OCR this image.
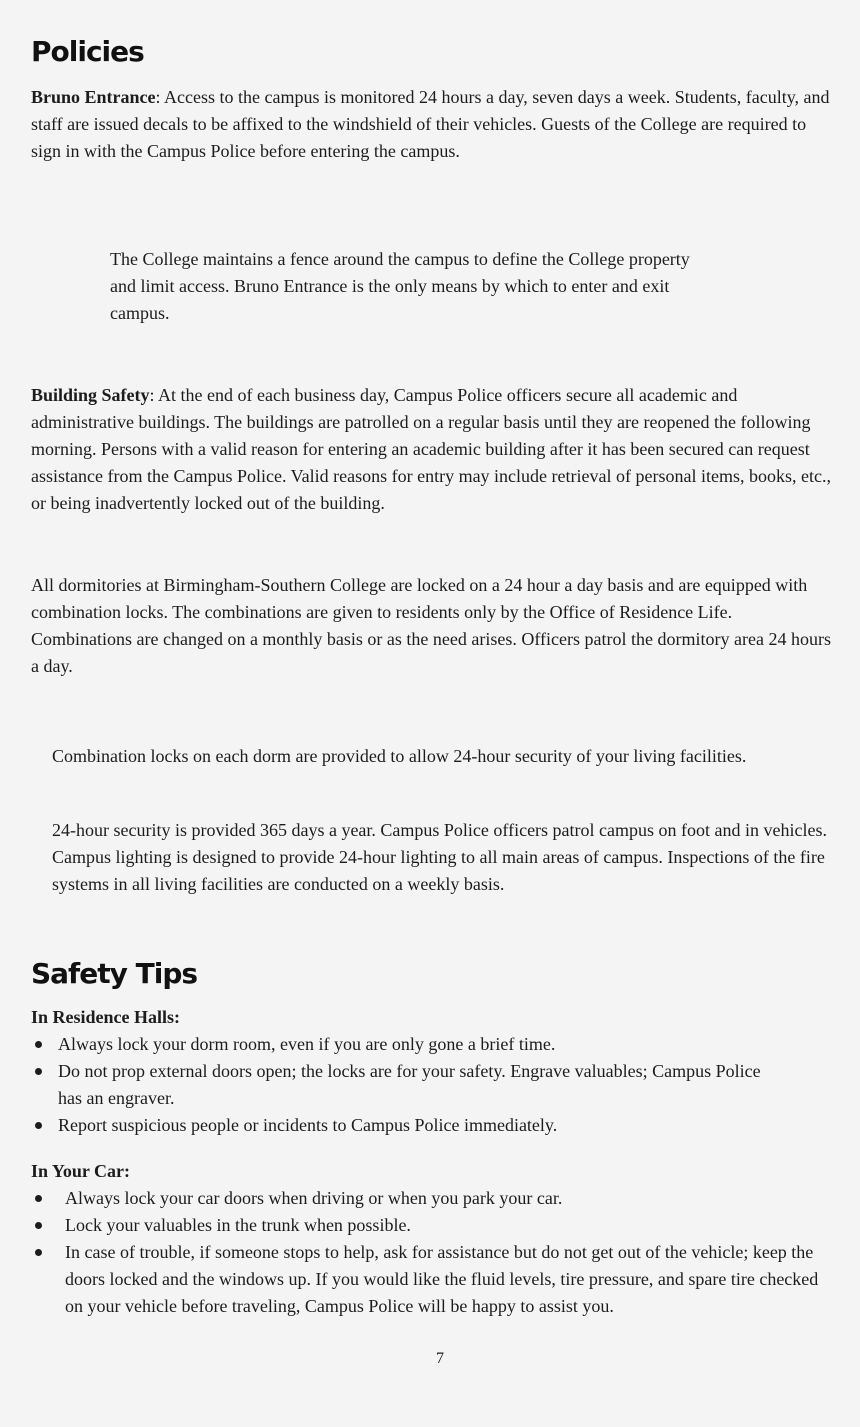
Policies

Bruno Entrance: Access to the campus is monitored 24 hours a day, seven days a week. Students, faculty, and staff are issued decals to be affixed to the windshield of their vehicles. Guests of the College are required to sign in with the Campus Police before entering the campus.

The College maintains a fence around the campus to define the College property and limit access. Bruno Entrance is the only means by which to enter and exit campus.

Building Safety: At the end of each business day, Campus Police officers secure all academic and administrative buildings. The buildings are patrolled on a regular basis until they are reopened the following morning. Persons with a valid reason for entering an academic building after it has been secured can request assistance from the Campus Police. Valid reasons for entry may include retrieval of personal items, books, etc., or being inadvertently locked out of the building.

All dormitories at Birmingham-Southern College are locked on a 24 hour a day basis and are equipped with combination locks. The combinations are given to residents only by the Office of Residence Life. Combinations are changed on a monthly basis or as the need arises. Officers patrol the dormitory area 24 hours a day.

Combination locks on each dorm are provided to allow 24-hour security of your living facilities.

24-hour security is provided 365 days a year. Campus Police officers patrol campus on foot and in vehicles. Campus lighting is designed to provide 24-hour lighting to all main areas of campus. Inspections of the fire systems in all living facilities are conducted on a weekly basis.

Safety Tips

In Residence Halls:

Always lock your dorm room, even if you are only gone a brief time.
Do not prop external doors open; the locks are for your safety. Engrave valuables; Campus Police has an engraver.
Report suspicious people or incidents to Campus Police immediately.

In Your Car:

Always lock your car doors when driving or when you park your car.
Lock your valuables in the trunk when possible.
In case of trouble, if someone stops to help, ask for assistance but do not get out of the vehicle; keep the doors locked and the windows up. If you would like the fluid levels, tire pressure, and spare tire checked on your vehicle before traveling, Campus Police will be happy to assist you.
7
